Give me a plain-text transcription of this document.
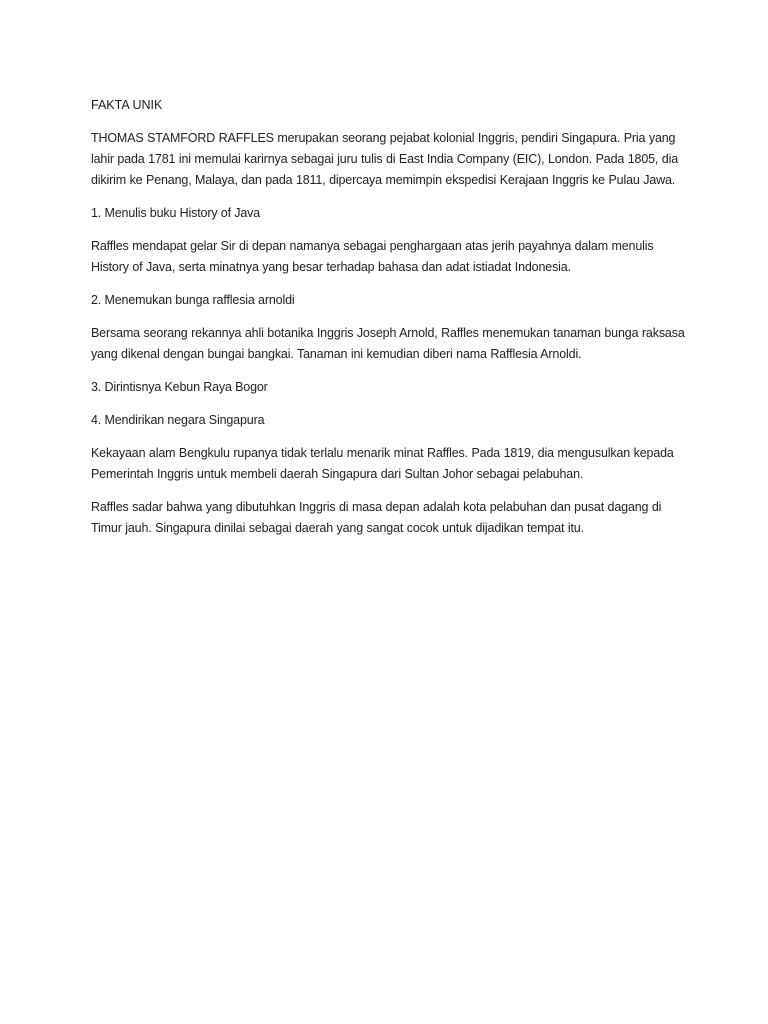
FAKTA UNIK

THOMAS STAMFORD RAFFLES merupakan seorang pejabat kolonial Inggris, pendiri Singapura. Pria yang lahir pada 1781 ini memulai karirnya sebagai juru tulis di East India Company (EIC), London. Pada 1805, dia dikirim ke Penang, Malaya, dan pada 1811, dipercaya memimpin ekspedisi Kerajaan Inggris ke Pulau Jawa.

1. Menulis buku History of Java

Raffles mendapat gelar Sir di depan namanya sebagai penghargaan atas jerih payahnya dalam menulis History of Java, serta minatnya yang besar terhadap bahasa dan adat istiadat Indonesia.

2. Menemukan bunga rafflesia arnoldi

Bersama seorang rekannya ahli botanika Inggris Joseph Arnold, Raffles menemukan tanaman bunga raksasa yang dikenal dengan bungai bangkai. Tanaman ini kemudian diberi nama Rafflesia Arnoldi.

3. Dirintisnya Kebun Raya Bogor
4. Mendirikan negara Singapura

Kekayaan alam Bengkulu rupanya tidak terlalu menarik minat Raffles. Pada 1819, dia mengusulkan kepada Pemerintah Inggris untuk membeli daerah Singapura dari Sultan Johor sebagai pelabuhan.

Raffles sadar bahwa yang dibutuhkan Inggris di masa depan adalah kota pelabuhan dan pusat dagang di Timur jauh. Singapura dinilai sebagai daerah yang sangat cocok untuk dijadikan tempat itu.
